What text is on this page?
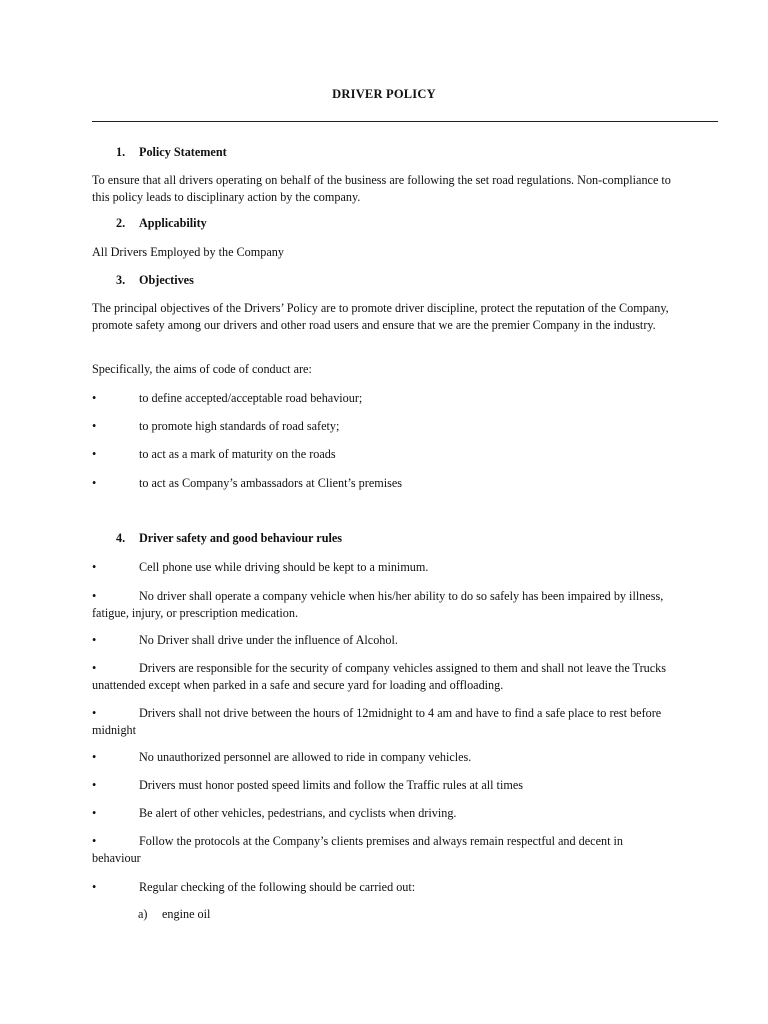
DRIVER POLICY
1. Policy Statement
To ensure that all drivers operating on behalf of the business are following the set road regulations. Non-compliance to this policy leads to disciplinary action by the company.
2. Applicability
All Drivers Employed by the Company
3. Objectives
The principal objectives of the Drivers’ Policy are to promote driver discipline, protect the reputation of the Company, promote safety among our drivers and other road users and ensure that we are the premier Company in the industry.
Specifically, the aims of code of conduct are:
•	to define accepted/acceptable road behaviour;
•	to promote high standards of road safety;
•	to act as a mark of maturity on the roads
•	to act as Company’s ambassadors at Client’s premises
4. Driver safety and good behaviour rules
•	Cell phone use while driving should be kept to a minimum.
•	No driver shall operate a company vehicle when his/her ability to do so safely has been impaired by illness, fatigue, injury, or prescription medication.
•	No Driver shall drive under the influence of Alcohol.
•	Drivers are responsible for the security of company vehicles assigned to them and shall not leave the Trucks unattended except when parked in a safe and secure yard for loading and offloading.
•	Drivers shall not drive between the hours of 12midnight to 4 am and have to find a safe place to rest before midnight
•	No unauthorized personnel are allowed to ride in company vehicles.
•	Drivers must honor posted speed limits and follow the Traffic rules at all times
•	Be alert of other vehicles, pedestrians, and cyclists when driving.
•	Follow the protocols at the Company’s clients premises and always remain respectful and decent in behaviour
•	Regular checking of the following should be carried out:
a) engine oil
